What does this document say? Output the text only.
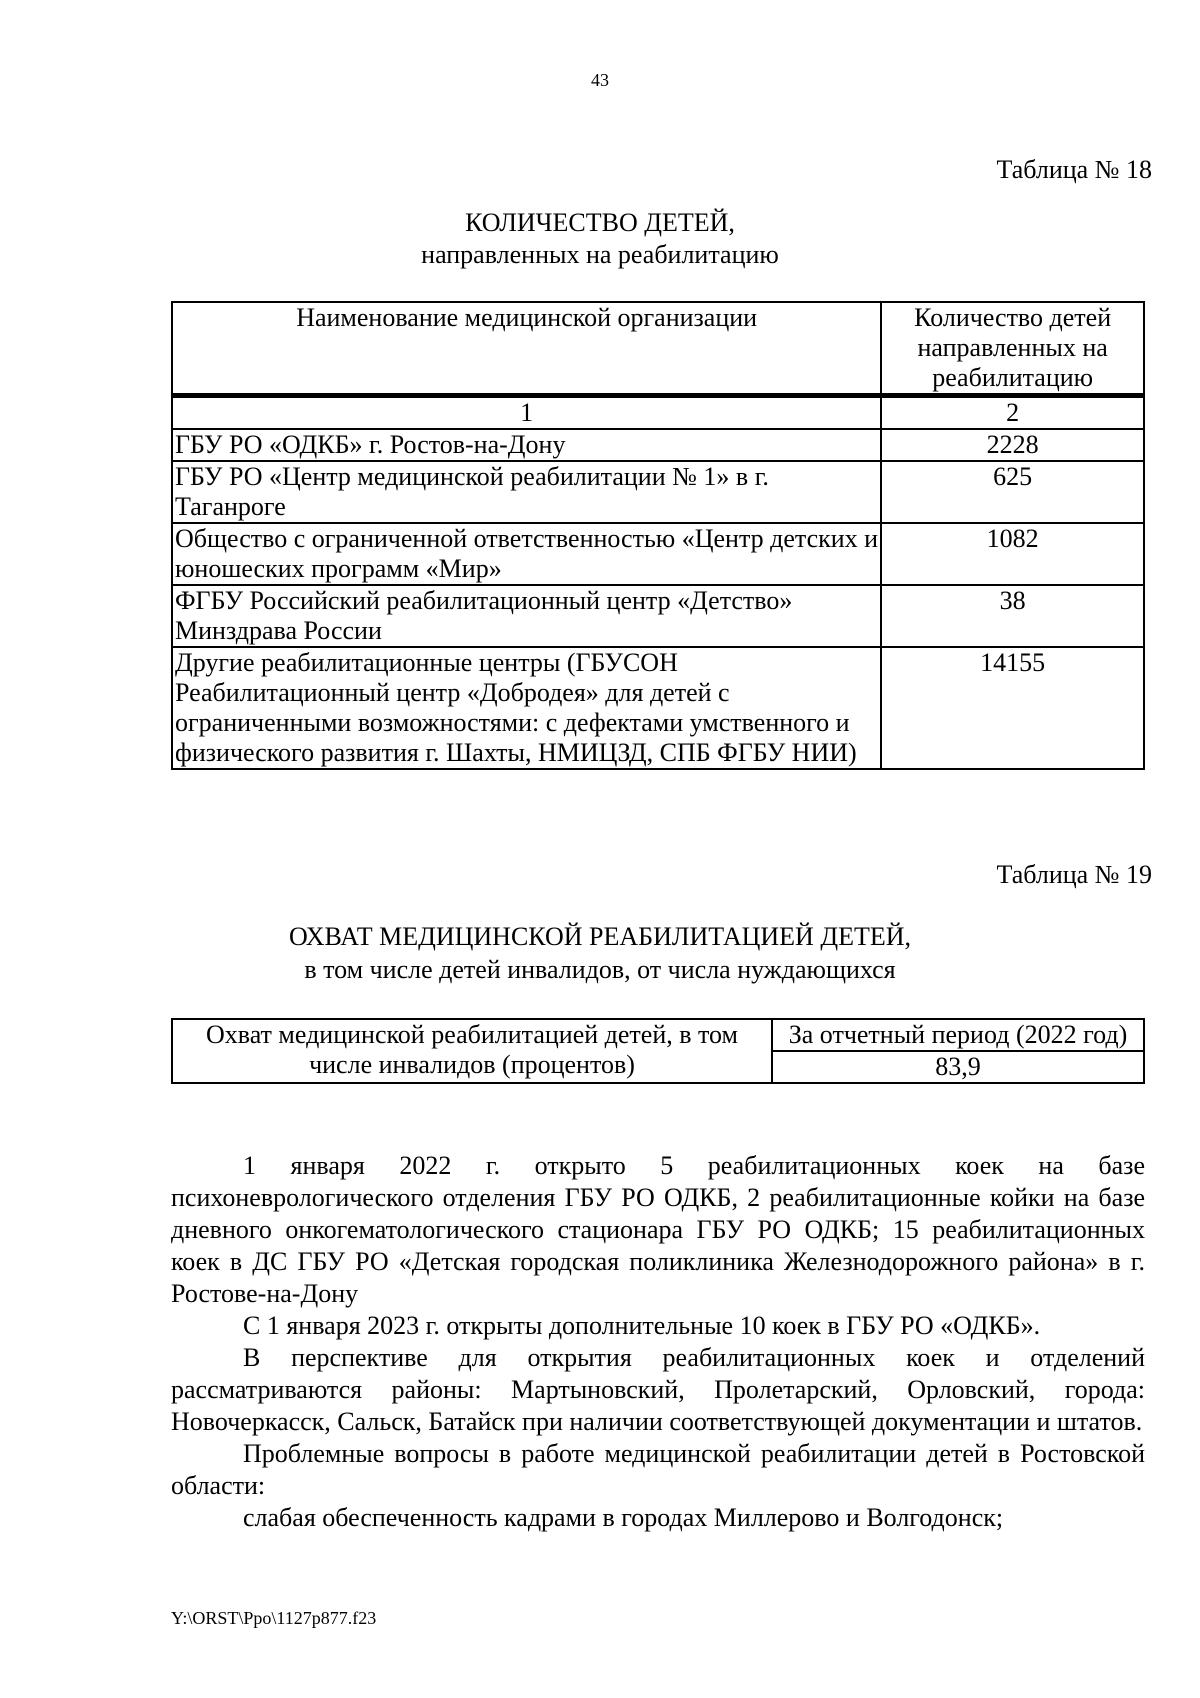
43
Таблица № 18
КОЛИЧЕСТВО ДЕТЕЙ,
направленных на реабилитацию
Наименование медицинской организации	Количество детей направленных на реабилитацию
1	2
ГБУ РО «ОДКБ» г. Ростов-на-Дону	2228
ГБУ РО «Центр медицинской реабилитации № 1» в г. Таганроге	625
Общество с ограниченной ответственностью «Центр детских и юношеских программ «Мир»	1082
ФГБУ Российский реабилитационный центр «Детство» Минздрава России	38
Другие реабилитационные центры (ГБУСОН Реабилитационный центр «Добродея» для детей с ограниченными возможностями: с дефектами умственного и физического развития г. Шахты, НМИЦЗД, СПБ ФГБУ НИИ)	14155
Таблица № 19
ОХВАТ МЕДИЦИНСКОЙ РЕАБИЛИТАЦИЕЙ ДЕТЕЙ,
в том числе детей инвалидов, от числа нуждающихся
Охват медицинской реабилитацией детей, в том числе инвалидов (процентов)	За отчетный период (2022 год)
83,9

1 января 2022 г. открыто 5 реабилитационных коек на базе психоневрологического отделения ГБУ РО ОДКБ, 2 реабилитационные койки на базе дневного онкогематологического стационара ГБУ РО ОДКБ; 15 реабилитационных коек в ДС ГБУ РО «Детская городская поликлиника Железнодорожного района» в г. Ростове-на-Дону

С 1 января 2023 г. открыты дополнительные 10 коек в ГБУ РО «ОДКБ».

В перспективе для открытия реабилитационных коек и отделений рассматриваются районы: Мартыновский, Пролетарский, Орловский, города: Новочеркасск, Сальск, Батайск при наличии соответствующей документации и штатов.

Проблемные вопросы в работе медицинской реабилитации детей в Ростовской области:

слабая обеспеченность кадрами в городах Миллерово и Волгодонск;

Y:\ORST\Ppo\1127p877.f23
